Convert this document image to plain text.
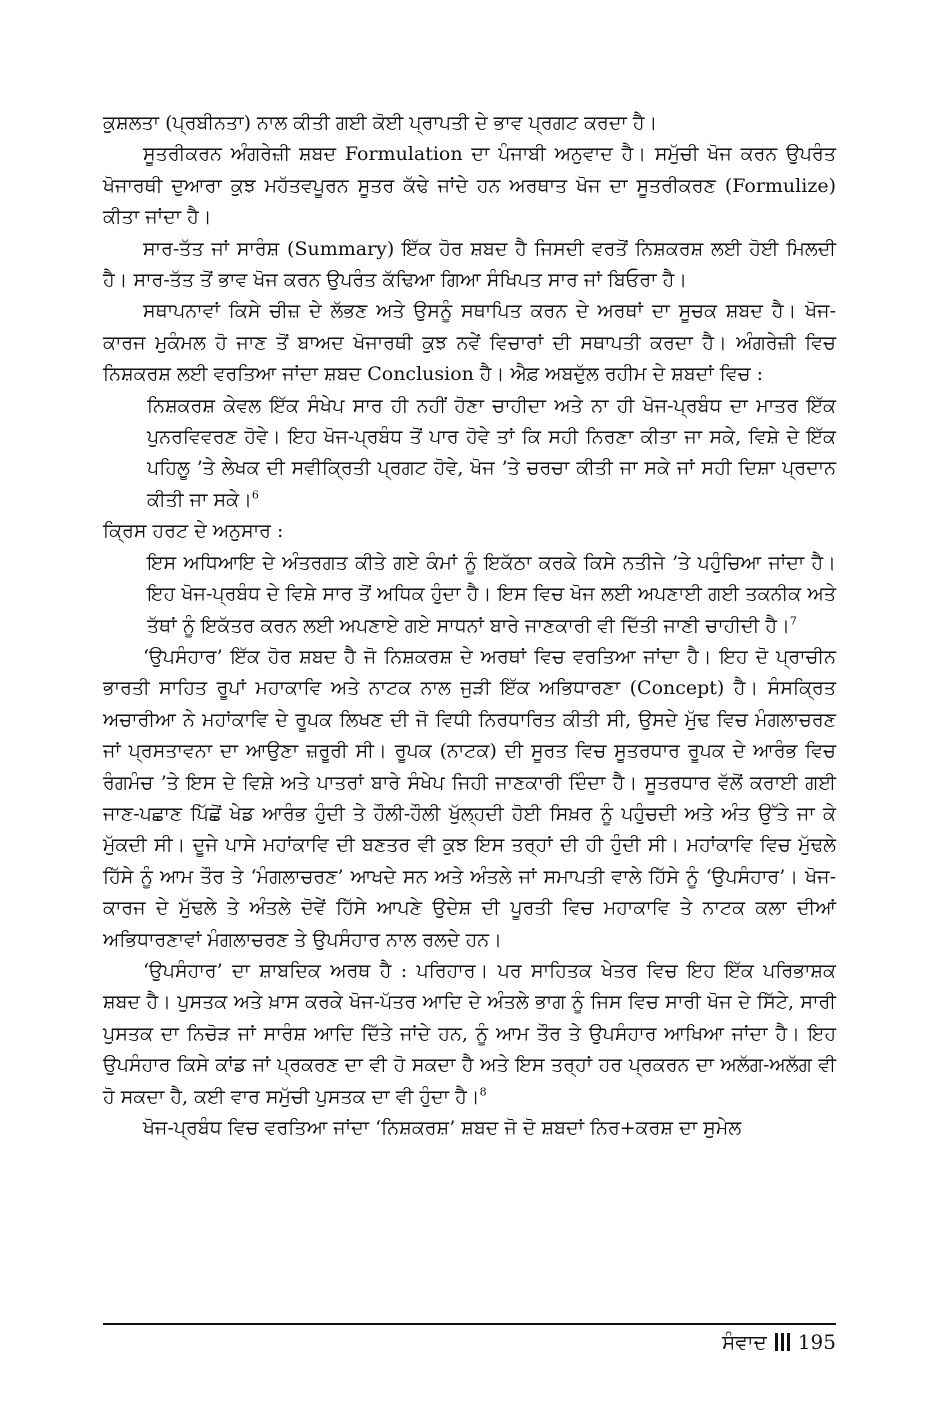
ਕੁਸ਼ਲਤਾ (ਪ੍ਰਬੀਨਤਾ) ਨਾਲ ਕੀਤੀ ਗਈ ਕੋਈ ਪ੍ਰਾਪਤੀ ਦੇ ਭਾਵ ਪ੍ਰਗਟ ਕਰਦਾ ਹੈ।

ਸੂਤਰੀਕਰਨ ਅੰਗਰੇਜ਼ੀ ਸ਼ਬਦ Formulation ਦਾ ਪੰਜਾਬੀ ਅਨੁਵਾਦ ਹੈ। ਸਮੁੱਚੀ ਖੋਜ ਕਰਨ ਉਪਰੰਤ ਖੋਜਾਰਥੀ ਦੁਆਰਾ ਕੁਝ ਮਹੱਤਵਪੂਰਨ ਸੂਤਰ ਕੱਢੇ ਜਾਂਦੇ ਹਨ ਅਰਥਾਤ ਖੋਜ ਦਾ ਸੂਤਰੀਕਰਣ (Formulize) ਕੀਤਾ ਜਾਂਦਾ ਹੈ।

ਸਾਰ-ਤੱਤ ਜਾਂ ਸਾਰੰਸ਼ (Summary) ਇੱਕ ਹੋਰ ਸ਼ਬਦ ਹੈ ਜਿਸਦੀ ਵਰਤੋਂ ਨਿਸ਼ਕਰਸ਼ ਲਈ ਹੋਈ ਮਿਲਦੀ ਹੈ। ਸਾਰ-ਤੱਤ ਤੋਂ ਭਾਵ ਖੋਜ ਕਰਨ ਉਪਰੰਤ ਕੱਢਿਆ ਗਿਆ ਸੰਖਿਪਤ ਸਾਰ ਜਾਂ ਬਿਓਰਾ ਹੈ।

ਸਥਾਪਨਾਵਾਂ ਕਿਸੇ ਚੀਜ਼ ਦੇ ਲੱਭਣ ਅਤੇ ਉਸਨੂੰ ਸਥਾਪਿਤ ਕਰਨ ਦੇ ਅਰਥਾਂ ਦਾ ਸੂਚਕ ਸ਼ਬਦ ਹੈ। ਖੋਜ-ਕਾਰਜ ਮੁਕੰਮਲ ਹੋ ਜਾਣ ਤੋਂ ਬਾਅਦ ਖੋਜਾਰਥੀ ਕੁਝ ਨਵੇਂ ਵਿਚਾਰਾਂ ਦੀ ਸਥਾਪਤੀ ਕਰਦਾ ਹੈ। ਅੰਗਰੇਜ਼ੀ ਵਿਚ ਨਿਸ਼ਕਰਸ਼ ਲਈ ਵਰਤਿਆ ਜਾਂਦਾ ਸ਼ਬਦ Conclusion ਹੈ। ਐਫ਼ ਅਬਦੁੱਲ ਰਹੀਮ ਦੇ ਸ਼ਬਦਾਂ ਵਿਚ :

ਨਿਸ਼ਕਰਸ਼ ਕੇਵਲ ਇੱਕ ਸੰਖੇਪ ਸਾਰ ਹੀ ਨਹੀਂ ਹੋਣਾ ਚਾਹੀਦਾ ਅਤੇ ਨਾ ਹੀ ਖੋਜ-ਪ੍ਰਬੰਧ ਦਾ ਮਾਤਰ ਇੱਕ ਪੁਨਰਵਿਵਰਣ ਹੋਵੇ। ਇਹ ਖੋਜ-ਪ੍ਰਬੰਧ ਤੋਂ ਪਾਰ ਹੋਵੇ ਤਾਂ ਕਿ ਸਹੀ ਨਿਰਣਾ ਕੀਤਾ ਜਾ ਸਕੇ, ਵਿਸ਼ੇ ਦੇ ਇੱਕ ਪਹਿਲੂ ’ਤੇ ਲੇਖਕ ਦੀ ਸਵੀਕ੍ਰਿਤੀ ਪ੍ਰਗਟ ਹੋਵੇ, ਖੋਜ ’ਤੇ ਚਰਚਾ ਕੀਤੀ ਜਾ ਸਕੇ ਜਾਂ ਸਹੀ ਦਿਸ਼ਾ ਪ੍ਰਦਾਨ ਕੀਤੀ ਜਾ ਸਕੇ।$^6$

ਕ੍ਰਿਸ ਹਰਟ ਦੇ ਅਨੁਸਾਰ :

ਇਸ ਅਧਿਆਇ ਦੇ ਅੰਤਰਗਤ ਕੀਤੇ ਗਏ ਕੰਮਾਂ ਨੂੰ ਇਕੱਠਾ ਕਰਕੇ ਕਿਸੇ ਨਤੀਜੇ ’ਤੇ ਪਹੁੰਚਿਆ ਜਾਂਦਾ ਹੈ। ਇਹ ਖੋਜ-ਪ੍ਰਬੰਧ ਦੇ ਵਿਸ਼ੇ ਸਾਰ ਤੋਂ ਅਧਿਕ ਹੁੰਦਾ ਹੈ। ਇਸ ਵਿਚ ਖੋਜ ਲਈ ਅਪਣਾਈ ਗਈ ਤਕਨੀਕ ਅਤੇ ਤੱਥਾਂ ਨੂੰ ਇਕੱਤਰ ਕਰਨ ਲਈ ਅਪਣਾਏ ਗਏ ਸਾਧਨਾਂ ਬਾਰੇ ਜਾਣਕਾਰੀ ਵੀ ਦਿੱਤੀ ਜਾਣੀ ਚਾਹੀਦੀ ਹੈ।$^7$

‘ਉਪਸੰਹਾਰ’ ਇੱਕ ਹੋਰ ਸ਼ਬਦ ਹੈ ਜੋ ਨਿਸ਼ਕਰਸ਼ ਦੇ ਅਰਥਾਂ ਵਿਚ ਵਰਤਿਆ ਜਾਂਦਾ ਹੈ। ਇਹ ਦੋ ਪ੍ਰਾਚੀਨ ਭਾਰਤੀ ਸਾਹਿਤ ਰੂਪਾਂ ਮਹਾਕਾਵਿ ਅਤੇ ਨਾਟਕ ਨਾਲ ਜੁੜੀ ਇੱਕ ਅਭਿਧਾਰਣਾ (Concept) ਹੈ। ਸੰਸਕ੍ਰਿਤ ਅਚਾਰੀਆ ਨੇ ਮਹਾਂਕਾਵਿ ਦੇ ਰੂਪਕ ਲਿਖਣ ਦੀ ਜੋ ਵਿਧੀ ਨਿਰਧਾਰਿਤ ਕੀਤੀ ਸੀ, ਉਸਦੇ ਮੁੱਢ ਵਿਚ ਮੰਗਲਾਚਰਣ ਜਾਂ ਪ੍ਰਸਤਾਵਨਾ ਦਾ ਆਉਣਾ ਜ਼ਰੂਰੀ ਸੀ। ਰੂਪਕ (ਨਾਟਕ) ਦੀ ਸੂਰਤ ਵਿਚ ਸੂਤਰਧਾਰ ਰੂਪਕ ਦੇ ਆਰੰਭ ਵਿਚ ਰੰਗਮੰਚ ’ਤੇ ਇਸ ਦੇ ਵਿਸ਼ੇ ਅਤੇ ਪਾਤਰਾਂ ਬਾਰੇ ਸੰਖੇਪ ਜਿਹੀ ਜਾਣਕਾਰੀ ਦਿੰਦਾ ਹੈ। ਸੂਤਰਧਾਰ ਵੱਲੋਂ ਕਰਾਈ ਗਈ ਜਾਣ-ਪਛਾਣ ਪਿੱਛੋਂ ਖੇਡ ਆਰੰਭ ਹੁੰਦੀ ਤੇ ਹੌਲੀ-ਹੌਲੀ ਖੁੱਲ੍ਹਦੀ ਹੋਈ ਸਿਖ਼ਰ ਨੂੰ ਪਹੁੰਚਦੀ ਅਤੇ ਅੰਤ ਉੱਤੇ ਜਾ ਕੇ ਮੁੱਕਦੀ ਸੀ। ਦੂਜੇ ਪਾਸੇ ਮਹਾਂਕਾਵਿ ਦੀ ਬਣਤਰ ਵੀ ਕੁਝ ਇਸ ਤਰ੍ਹਾਂ ਦੀ ਹੀ ਹੁੰਦੀ ਸੀ। ਮਹਾਂਕਾਵਿ ਵਿਚ ਮੁੱਢਲੇ ਹਿੱਸੇ ਨੂੰ ਆਮ ਤੌਰ ਤੇ ‘ਮੰਗਲਾਚਰਣ’ ਆਖਦੇ ਸਨ ਅਤੇ ਅੰਤਲੇ ਜਾਂ ਸਮਾਪਤੀ ਵਾਲੇ ਹਿੱਸੇ ਨੂੰ ‘ਉਪਸੰਹਾਰ’। ਖੋਜ-ਕਾਰਜ ਦੇ ਮੁੱਢਲੇ ਤੇ ਅੰਤਲੇ ਦੋਵੇਂ ਹਿੱਸੇ ਆਪਣੇ ਉਦੇਸ਼ ਦੀ ਪੂਰਤੀ ਵਿਚ ਮਹਾਕਾਵਿ ਤੇ ਨਾਟਕ ਕਲਾ ਦੀਆਂ ਅਭਿਧਾਰਣਾਵਾਂ ਮੰਗਲਾਚਰਣ ਤੇ ਉਪਸੰਹਾਰ ਨਾਲ ਰਲਦੇ ਹਨ।

‘ਉਪਸੰਹਾਰ’ ਦਾ ਸ਼ਾਬਦਿਕ ਅਰਥ ਹੈ : ਪਰਿਹਾਰ। ਪਰ ਸਾਹਿਤਕ ਖੇਤਰ ਵਿਚ ਇਹ ਇੱਕ ਪਰਿਭਾਸ਼ਕ ਸ਼ਬਦ ਹੈ। ਪੁਸਤਕ ਅਤੇ ਖ਼ਾਸ ਕਰਕੇ ਖੋਜ-ਪੱਤਰ ਆਦਿ ਦੇ ਅੰਤਲੇ ਭਾਗ ਨੂੰ ਜਿਸ ਵਿਚ ਸਾਰੀ ਖੋਜ ਦੇ ਸਿੱਟੇ, ਸਾਰੀ ਪੁਸਤਕ ਦਾ ਨਿਚੋੜ ਜਾਂ ਸਾਰੰਸ਼ ਆਦਿ ਦਿੱਤੇ ਜਾਂਦੇ ਹਨ, ਨੂੰ ਆਮ ਤੌਰ ਤੇ ਉਪਸੰਹਾਰ ਆਖਿਆ ਜਾਂਦਾ ਹੈ। ਇਹ ਉਪਸੰਹਾਰ ਕਿਸੇ ਕਾਂਡ ਜਾਂ ਪ੍ਰਕਰਣ ਦਾ ਵੀ ਹੋ ਸਕਦਾ ਹੈ ਅਤੇ ਇਸ ਤਰ੍ਹਾਂ ਹਰ ਪ੍ਰਕਰਨ ਦਾ ਅਲੱਗ-ਅਲੱਗ ਵੀ ਹੋ ਸਕਦਾ ਹੈ, ਕਈ ਵਾਰ ਸਮੁੱਚੀ ਪੁਸਤਕ ਦਾ ਵੀ ਹੁੰਦਾ ਹੈ।$^8$

ਖੋਜ-ਪ੍ਰਬੰਧ ਵਿਚ ਵਰਤਿਆ ਜਾਂਦਾ ‘ਨਿਸ਼ਕਰਸ਼’ ਸ਼ਬਦ ਜੋ ਦੋ ਸ਼ਬਦਾਂ ਨਿਰ+ਕਰਸ਼ ਦਾ ਸੁਮੇਲ

ਸੰਵਾਦ 195
